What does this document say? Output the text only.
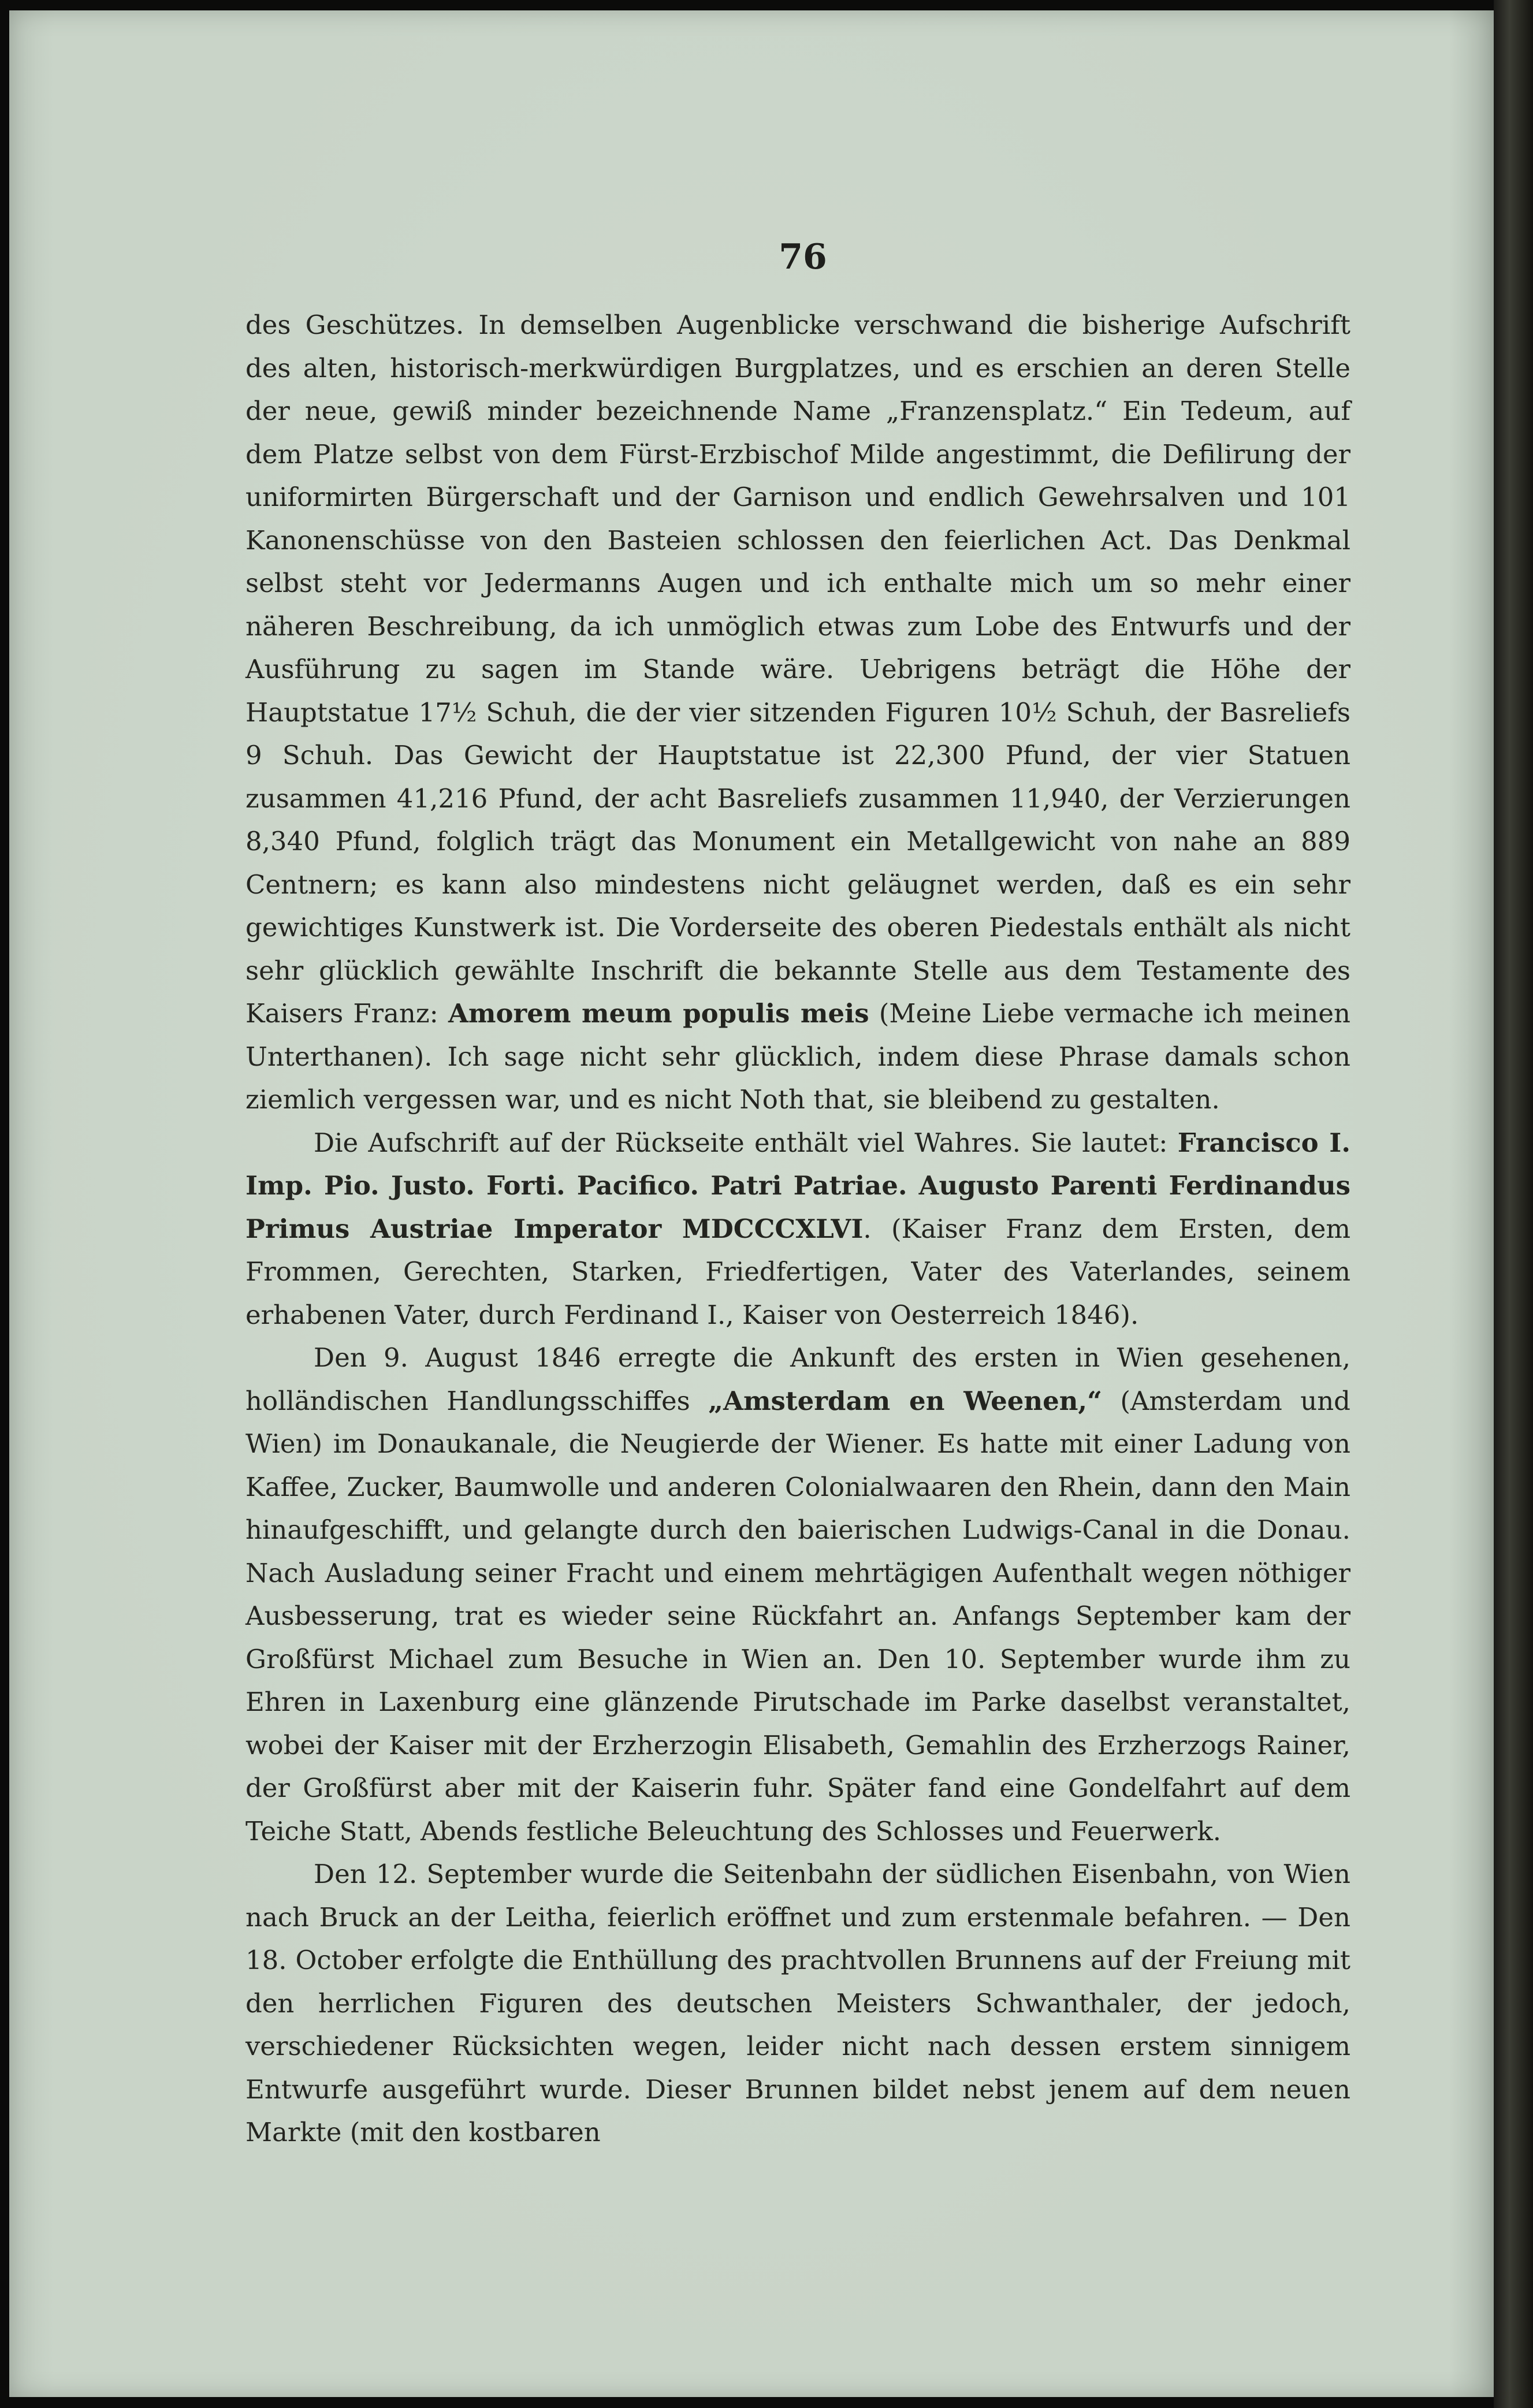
76

des Geschützes. In demselben Augenblicke verschwand die bisherige Aufschrift des alten, historisch-merkwürdigen Burgplatzes, und es erschien an deren Stelle der neue, gewiß minder bezeichnende Name „Franzensplatz.“ Ein Tedeum, auf dem Platze selbst von dem Fürst-Erzbischof Milde angestimmt, die Defilirung der uniformirten Bürgerschaft und der Garnison und endlich Gewehrsalven und 101 Kanonenschüsse von den Basteien schlossen den feierlichen Act. Das Denkmal selbst steht vor Jedermanns Augen und ich enthalte mich um so mehr einer näheren Beschreibung, da ich unmöglich etwas zum Lobe des Entwurfs und der Ausführung zu sagen im Stande wäre. Uebrigens beträgt die Höhe der Hauptstatue 17½ Schuh, die der vier sitzenden Figuren 10½ Schuh, der Basreliefs 9 Schuh. Das Gewicht der Hauptstatue ist 22,300 Pfund, der vier Statuen zusammen 41,216 Pfund, der acht Basreliefs zusammen 11,940, der Verzierungen 8,340 Pfund, folglich trägt das Monument ein Metallgewicht von nahe an 889 Centnern; es kann also mindestens nicht geläugnet werden, daß es ein sehr gewichtiges Kunstwerk ist. Die Vorderseite des oberen Piedestals enthält als nicht sehr glücklich gewählte Inschrift die bekannte Stelle aus dem Testamente des Kaisers Franz: Amorem meum populis meis (Meine Liebe vermache ich meinen Unterthanen). Ich sage nicht sehr glücklich, indem diese Phrase damals schon ziemlich vergessen war, und es nicht Noth that, sie bleibend zu gestalten.

Die Aufschrift auf der Rückseite enthält viel Wahres. Sie lautet: Francisco I. Imp. Pio. Justo. Forti. Pacifico. Patri Patriae. Augusto Parenti Ferdinandus Primus Austriae Imperator MDCCCXLVI. (Kaiser Franz dem Ersten, dem Frommen, Gerechten, Starken, Friedfertigen, Vater des Vaterlandes, seinem erhabenen Vater, durch Ferdinand I., Kaiser von Oesterreich 1846).

Den 9. August 1846 erregte die Ankunft des ersten in Wien gesehenen, holländischen Handlungsschiffes „Amsterdam en Weenen,“ (Amsterdam und Wien) im Donaukanale, die Neugierde der Wiener. Es hatte mit einer Ladung von Kaffee, Zucker, Baumwolle und anderen Colonialwaaren den Rhein, dann den Main hinaufgeschifft, und gelangte durch den baierischen Ludwigs-Canal in die Donau. Nach Ausladung seiner Fracht und einem mehrtägigen Aufenthalt wegen nöthiger Ausbesserung, trat es wieder seine Rückfahrt an. Anfangs September kam der Großfürst Michael zum Besuche in Wien an. Den 10. September wurde ihm zu Ehren in Laxenburg eine glänzende Pirutschade im Parke daselbst veranstaltet, wobei der Kaiser mit der Erzherzogin Elisabeth, Gemahlin des Erzherzogs Rainer, der Großfürst aber mit der Kaiserin fuhr. Später fand eine Gondelfahrt auf dem Teiche Statt, Abends festliche Beleuchtung des Schlosses und Feuerwerk.

Den 12. September wurde die Seitenbahn der südlichen Eisenbahn, von Wien nach Bruck an der Leitha, feierlich eröffnet und zum erstenmale befahren. — Den 18. October erfolgte die Enthüllung des prachtvollen Brunnens auf der Freiung mit den herrlichen Figuren des deutschen Meisters Schwanthaler, der jedoch, verschiedener Rücksichten wegen, leider nicht nach dessen erstem sinnigem Entwurfe ausgeführt wurde. Dieser Brunnen bildet nebst jenem auf dem neuen Markte (mit den kostbaren
